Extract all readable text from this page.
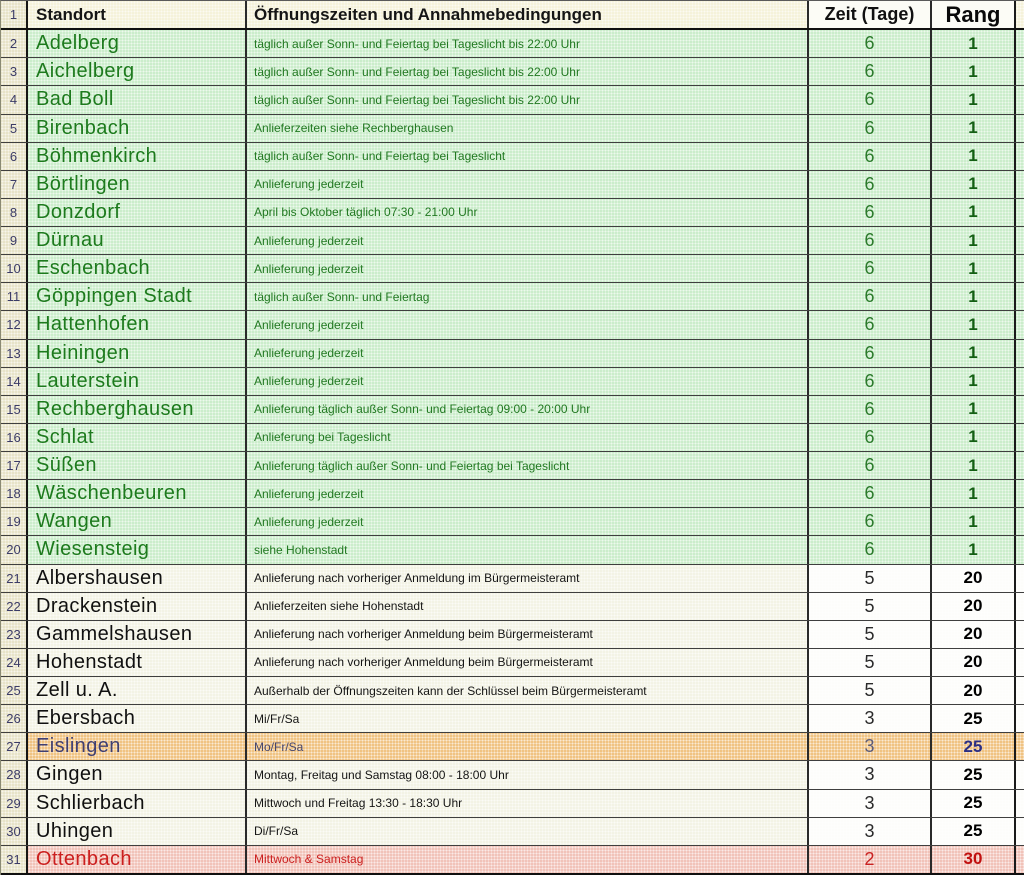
1	Standort	Öffnungszeiten und Annahmebedingungen	Zeit (Tage)	Rang
2 Adelberg	täglich außer Sonn- und Feiertag bei Tageslicht bis 22:00 Uhr	6	1
3 Aichelberg	täglich außer Sonn- und Feiertag bei Tageslicht bis 22:00 Uhr	6	1
4 Bad Boll	täglich außer Sonn- und Feiertag bei Tageslicht bis 22:00 Uhr	6	1
5 Birenbach	Anlieferzeiten siehe Rechberghausen	6	1
6 Böhmenkirch	täglich außer Sonn- und Feiertag bei Tageslicht	6	1
7 Börtlingen	Anlieferung jederzeit	6	1
8 Donzdorf	April bis Oktober täglich 07:30 - 21:00 Uhr	6	1
9 Dürnau	Anlieferung jederzeit	6	1
10 Eschenbach	Anlieferung jederzeit	6	1
11 Göppingen Stadt	täglich außer Sonn- und Feiertag	6	1
12 Hattenhofen	Anlieferung jederzeit	6	1
13 Heiningen	Anlieferung jederzeit	6	1
14 Lauterstein	Anlieferung jederzeit	6	1
15 Rechberghausen	Anlieferung täglich außer Sonn- und Feiertag 09:00 - 20:00 Uhr	6	1
16 Schlat	Anlieferung bei Tageslicht	6	1
17 Süßen	Anlieferung täglich außer Sonn- und Feiertag bei Tageslicht	6	1
18 Wäschenbeuren	Anlieferung jederzeit	6	1
19 Wangen	Anlieferung jederzeit	6	1
20 Wiesensteig	siehe Hohenstadt	6	1
21 Albershausen	Anlieferung nach vorheriger Anmeldung im Bürgermeisteramt	5	20
22 Drackenstein	Anlieferzeiten siehe Hohenstadt	5	20
23 Gammelshausen	Anlieferung nach vorheriger Anmeldung beim Bürgermeisteramt	5	20
24 Hohenstadt	Anlieferung nach vorheriger Anmeldung beim Bürgermeisteramt	5	20
25 Zell u. A.	Außerhalb der Öffnungszeiten kann der Schlüssel beim Bürgermeisteramt	5	20
26 Ebersbach	Mi/Fr/Sa	3	25
27 Eislingen	Mo/Fr/Sa	3	25
28 Gingen	Montag, Freitag und Samstag 08:00 - 18:00 Uhr	3	25
29 Schlierbach	Mittwoch und Freitag 13:30 - 18:30 Uhr	3	25
30 Uhingen	Di/Fr/Sa	3	25
31 Ottenbach	Mittwoch & Samstag	2	30
